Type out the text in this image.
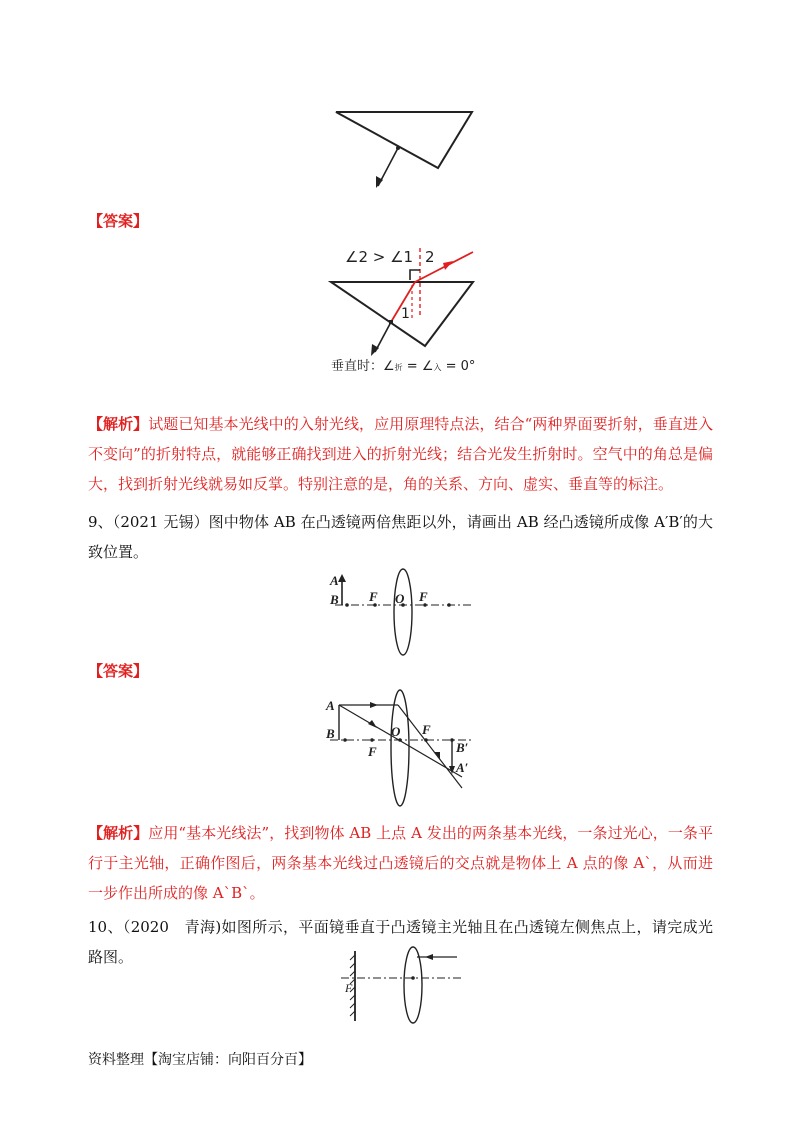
【答案】
∠2 > ∠1 2
1
垂直时：∠折 = ∠入 = 0°
【解析】试题已知基本光线中的入射光线，应用原理特点法，结合“两种界面要折射，垂直进入不变向”的折射特点，就能够正确找到进入的折射光线；结合光发生折射时。空气中的角总是偏大，找到折射光线就易如反掌。特别注意的是，角的关系、方向、虚实、垂直等的标注。
9、（2021 无锡）图中物体 AB 在凸透镜两倍焦距以外，请画出 AB 经凸透镜所成像 A′B′的大致位置。
A
B F O F
【答案】
A
B
F
O F
B′
A′
【解析】应用“基本光线法”，找到物体 AB 上点 A 发出的两条基本光线，一条过光心，一条平行于主光轴，正确作图后，两条基本光线过凸透镜后的交点就是物体上 A 点的像 A`，从而进一步作出所成的像 A`B`。
10、（2020　青海)如图所示，平面镜垂直于凸透镜主光轴且在凸透镜左侧焦点上，请完成光路图。
F
资料整理【淘宝店铺：向阳百分百】
